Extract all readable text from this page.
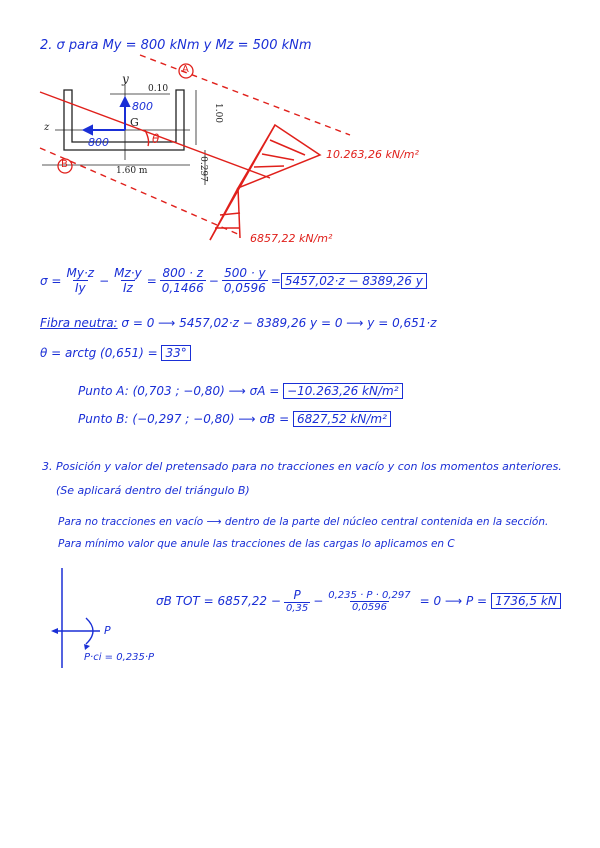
2. σ para My = 800 kNm y Mz = 500 kNm
y
z	G
0.10
1.00
1.60 m	0.297
800
800	θ
A
B
10.263,26 kN/m²
6857,22 kN/m²
$\sigma = \frac{My\cdot z}{Iy} - \frac{Mz\cdot y}{Iz} = \frac{800 \cdot z}{0,1466} - \frac{500 \cdot y}{0,0596} = 5457,02\cdot z - 8389,26$ y
Fibra neutra: σ = 0 ⟶ 5457,02·z − 8389,26 y = 0 ⟶ y = 0,651·z
θ = arctg (0,651) = 33°
Punto A: (0,703 ; −0,80) ⟶ σA = −10.263,26 kN/m²
Punto B: (−0,297 ; −0,80) ⟶ σB = 6827,52 kN/m²
3. Posición y valor del pretensado para no tracciones en vacío y con los momentos anteriores.
(Se aplicará dentro del triángulo B)
Para no tracciones en vacío ⟶ dentro de la parte del núcleo central contenida en la sección.
Para mínimo valor que anule las tracciones de las cargas lo aplicamos en C
P
P·ci = 0,235·P
σB TOT = $6857,22 - \frac{P}{0,35} - \frac{0,235 \cdot P \cdot 0,297}{0,0596} = 0$ ⟶ P = 1736,5 kN
